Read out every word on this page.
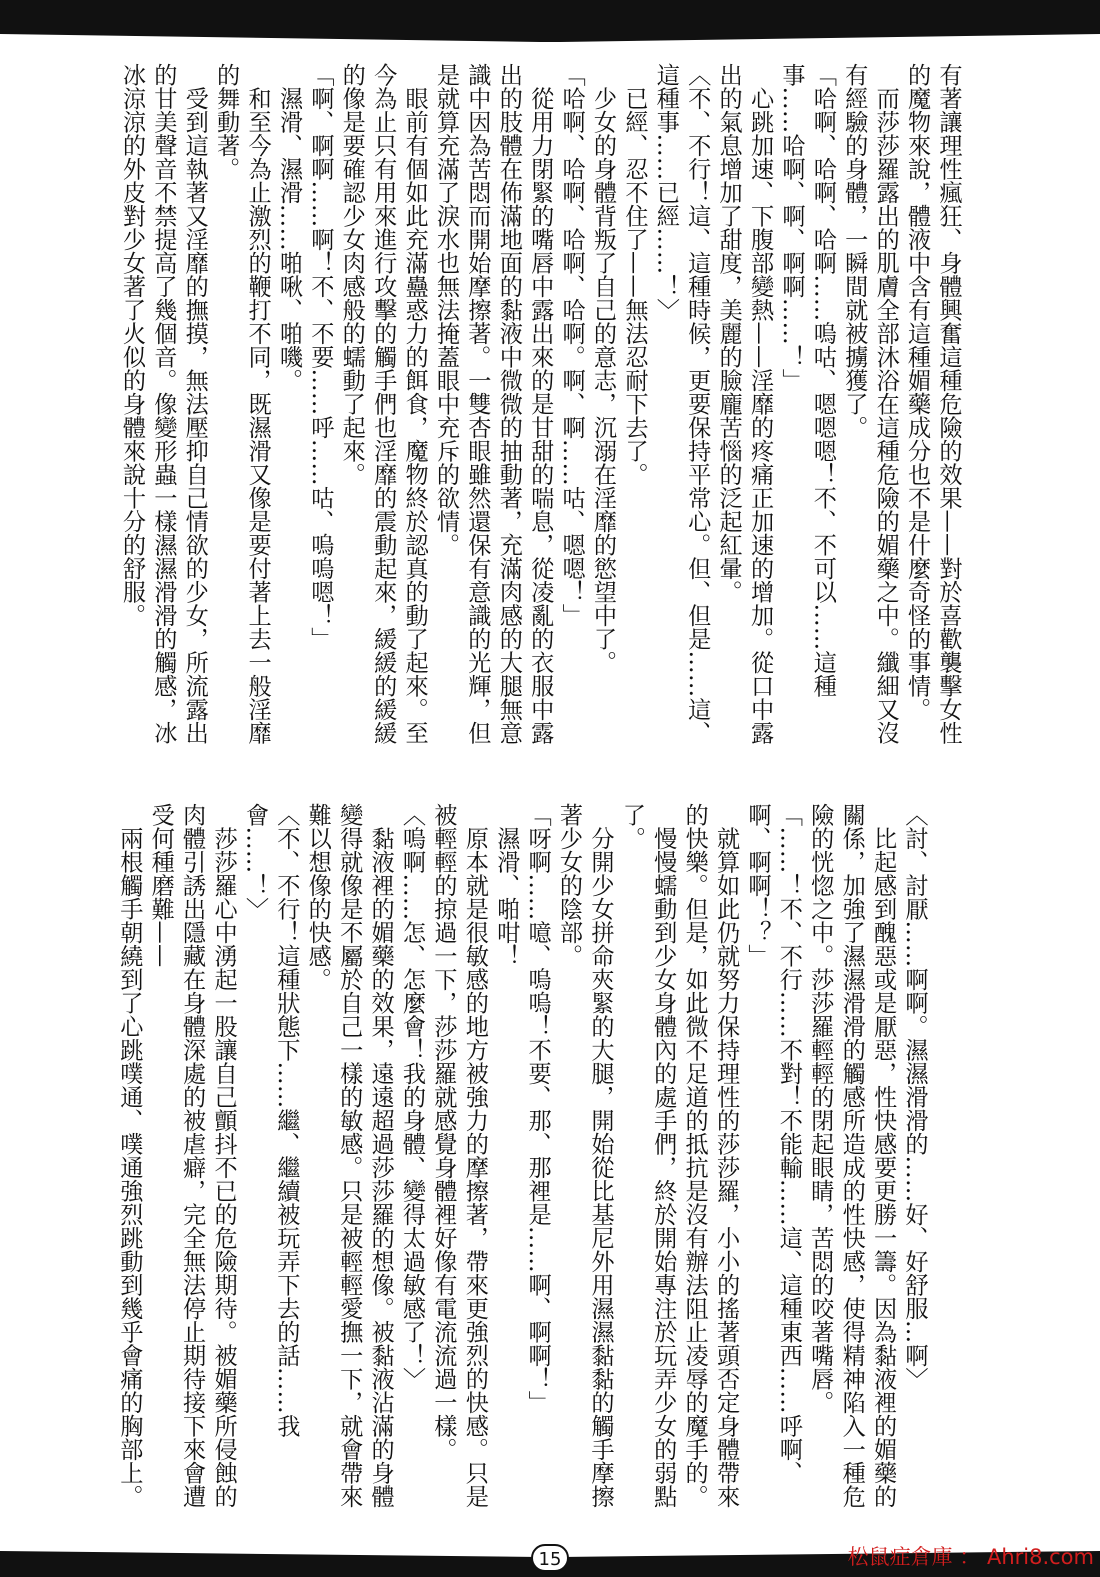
有著讓理性瘋狂、身體興奮這種危險的效果——對於喜歡襲擊女性的魔物來說，體液中含有這種媚藥成分也不是什麼奇怪的事情。

　而莎莎羅露出的肌膚全部沐浴在這種危險的媚藥之中。纖細又沒有經驗的身體，一瞬間就被擄獲了。

「哈啊、哈啊、哈啊……嗚咕、嗯嗯嗯！不、不可以……這種事……哈啊、啊、啊啊……！」

　心跳加速、下腹部變熱——淫靡的疼痛正加速的增加。從口中露出的氣息增加了甜度，美麗的臉龐苦惱的泛起紅暈。

〈不、不行！這、這種時候，更要保持平常心。但、但是……這、這種事……已經……！〉

　已經、忍不住了——無法忍耐下去了。

　少女的身體背叛了自己的意志，沉溺在淫靡的慾望中了。

「哈啊、哈啊、哈啊、哈啊。啊、啊……咕、嗯嗯！」

　從用力閉緊的嘴唇中露出來的是甘甜的喘息，從凌亂的衣服中露出的肢體在佈滿地面的黏液中微微的抽動著，充滿肉感的大腿無意識中因為苦悶而開始摩擦著。一雙杏眼雖然還保有意識的光輝，但是就算充滿了淚水也無法掩蓋眼中充斥的欲情。

　眼前有個如此充滿蠱惑力的餌食，魔物終於認真的動了起來。至今為止只有用來進行攻擊的觸手們也淫靡的震動起來，緩緩的緩緩的像是要確認少女肉感般的蠕動了起來。

「啊、啊啊……啊！不、不要……呼……咕、嗚嗚嗯！」

　濕滑、濕滑……啪啾、啪嘰。

　和至今為止激烈的鞭打不同，既濕滑又像是要付著上去一般淫靡的舞動著。

　受到這執著又淫靡的撫摸，無法壓抑自己情欲的少女，所流露出的甘美聲音不禁提高了幾個音。像變形蟲一樣濕濕滑滑的觸感，冰冰涼涼的外皮對少女著了火似的身體來說十分的舒服。

〈討、討厭……啊啊。濕濕滑滑的……好、好舒服…啊〉

　比起感到醜惡或是厭惡，性快感要更勝一籌。因為黏液裡的媚藥的關係，加強了濕濕滑滑的觸感所造成的性快感，使得精神陷入一種危險的恍惚之中。莎莎羅輕輕的閉起眼睛，苦悶的咬著嘴唇。

「……！不、不行……不對！不能輸……這、這種東西……呼啊、啊、啊啊！？」

　就算如此仍就努力保持理性的莎莎羅，小小的搖著頭否定身體帶來的快樂。但是，如此微不足道的抵抗是沒有辦法阻止凌辱的魔手的。

　慢慢蠕動到少女身體內的處手們，終於開始專注於玩弄少女的弱點了。

　分開少女拼命夾緊的大腿，開始從比基尼外用濕濕黏黏的觸手摩擦著少女的陰部。

「呀啊……噫、嗚嗚！不要、那、那裡是……啊、啊啊！」

　濕滑、啪咁！

　原本就是很敏感的地方被強力的摩擦著，帶來更強烈的快感。只是被輕輕的掠過一下，莎莎羅就感覺身體裡好像有電流流過一樣。

〈嗚啊……怎、怎麼會！我的身體、變得太過敏感了！〉

　黏液裡的媚藥的效果，遠遠超過莎莎羅的想像。被黏液沾滿的身體變得就像是不屬於自己一樣的敏感。只是被輕輕愛撫一下，就會帶來難以想像的快感。

〈不、不行！這種狀態下……繼、繼續被玩弄下去的話……我會……！〉

　莎莎羅心中湧起一股讓自己顫抖不已的危險期待。被媚藥所侵蝕的肉體引誘出隱藏在身體深處的被虐癖，完全無法停止期待接下來會遭受何種磨難——

　兩根觸手朝繞到了心跳噗通、噗通強烈跳動到幾乎會痛的胸部上。

15	松鼠症倉庫 ： Ahri8.com
